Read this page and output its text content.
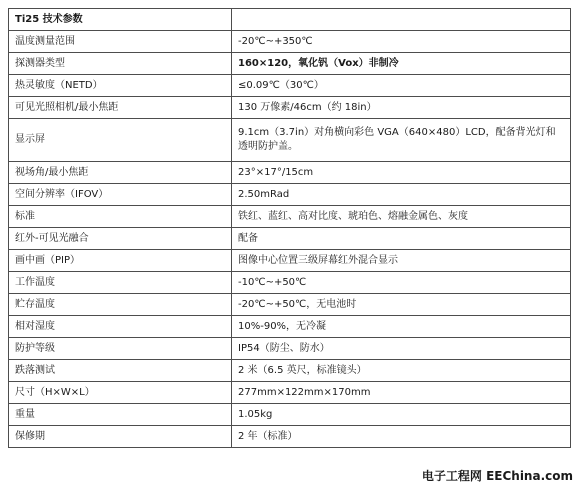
Ti25 技术参数	
温度测量范围	-20℃~+350℃
探测器类型	160×120，氧化钒（Vox）非制冷
热灵敏度（NETD）	≤0.09℃（30℃）
可见光照相机/最小焦距	130 万像素/46cm（约 18in）
显示屏	9.1cm（3.7in）对角横向彩色 VGA（640×480）LCD，配备背光灯和透明防护盖。
视场角/最小焦距	23°×17°/15cm
空间分辨率（IFOV）	2.50mRad
标准	铁红、蓝红、高对比度、琥珀色、熔融金属色、灰度
红外-可见光融合	配备
画中画（PIP）	图像中心位置三级屏幕红外混合显示
工作温度	-10℃~+50℃
贮存温度	-20℃~+50℃，无电池时
相对湿度	10%-90%，无冷凝
防护等级	IP54（防尘、防水）
跌落测试	2 米（6.5 英尺，标准镜头）
尺寸（H×W×L）	277mm×122mm×170mm
重量	1.05kg
保修期	2 年（标准）
电子工程网 EEChina.com
